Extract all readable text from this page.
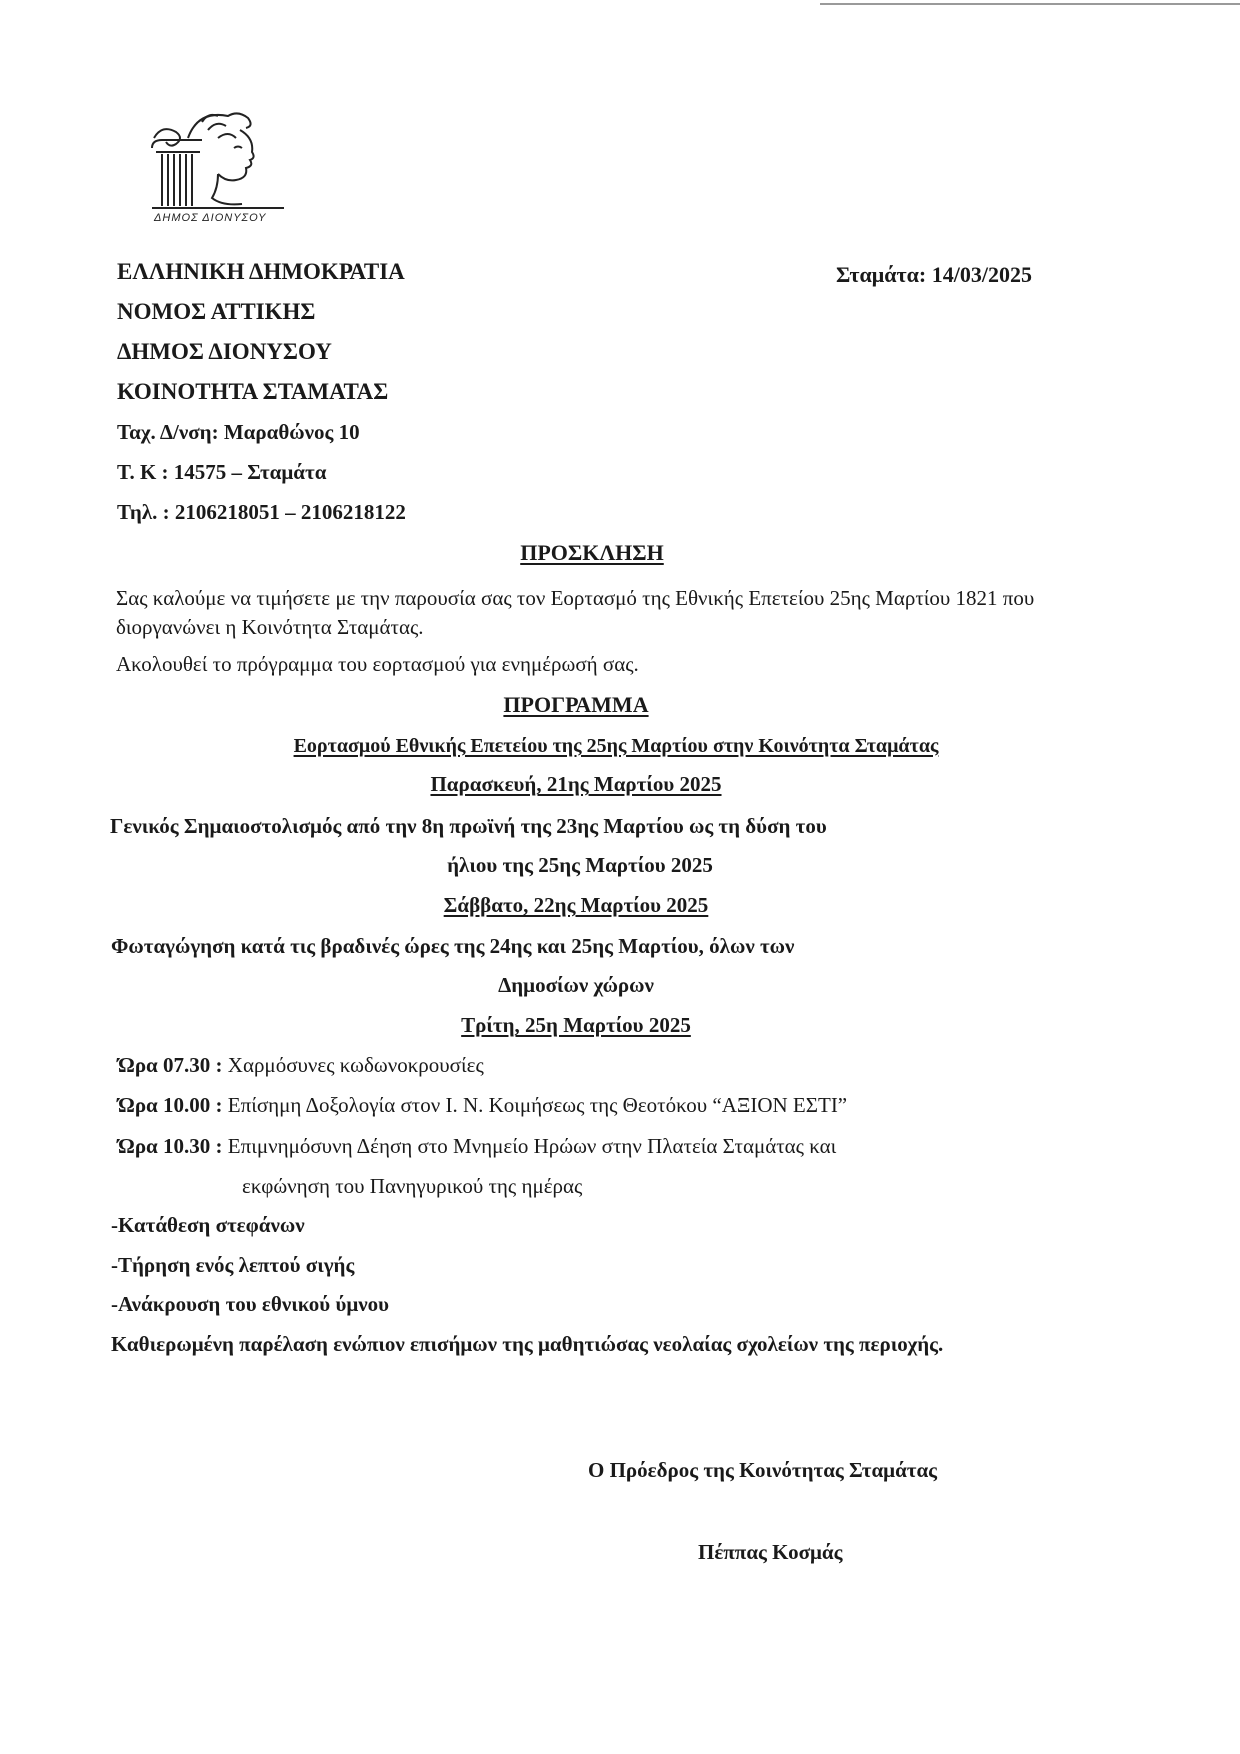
ΔΗΜΟΣ ΔΙΟΝΥΣΟΥ
ΕΛΛΗΝΙΚΗ ΔΗΜΟΚΡΑΤΙΑ
ΝΟΜΟΣ ΑΤΤΙΚΗΣ
ΔΗΜΟΣ ΔΙΟΝΥΣΟΥ
ΚΟΙΝΟΤΗΤΑ ΣΤΑΜΑΤΑΣ
Ταχ. Δ/νση: Μαραθώνος 10
Τ. Κ : 14575 – Σταμάτα
Τηλ. : 2106218051 – 2106218122
Σταμάτα: 14/03/2025
ΠΡΟΣΚΛΗΣΗ
Σας καλούμε να τιμήσετε με την παρουσία σας τον Εορτασμό της Εθνικής Επετείου 25ης Μαρτίου 1821 που διοργανώνει η Κοινότητα Σταμάτας.
Ακολουθεί το πρόγραμμα του εορτασμού για ενημέρωσή σας.
ΠΡΟΓΡΑΜΜΑ
Εορτασμού Εθνικής Επετείου της 25ης Μαρτίου στην Κοινότητα Σταμάτας
Παρασκευή, 21ης Μαρτίου 2025
Γενικός Σημαιοστολισμός από την 8η πρωϊνή της 23ης Μαρτίου ως τη δύση του
ήλιου της 25ης Μαρτίου 2025
Σάββατο, 22ης Μαρτίου 2025
Φωταγώγηση κατά τις βραδινές ώρες της 24ης και 25ης Μαρτίου, όλων των
Δημοσίων χώρων
Τρίτη, 25η Μαρτίου 2025
Ώρα 07.30 : Χαρμόσυνες κωδωνοκρουσίες
Ώρα 10.00 : Επίσημη Δοξολογία στον Ι. Ν. Κοιμήσεως της Θεοτόκου “ΑΞΙΟΝ ΕΣΤΙ”
Ώρα 10.30 : Επιμνημόσυνη Δέηση στο Μνημείο Ηρώων στην Πλατεία Σταμάτας και
εκφώνηση του Πανηγυρικού της ημέρας
-Κατάθεση στεφάνων
-Τήρηση ενός λεπτού σιγής
-Ανάκρουση του εθνικού ύμνου
Καθιερωμένη παρέλαση ενώπιον επισήμων της μαθητιώσας νεολαίας σχολείων της περιοχής.
Ο Πρόεδρος της Κοινότητας Σταμάτας
Πέππας Κοσμάς
